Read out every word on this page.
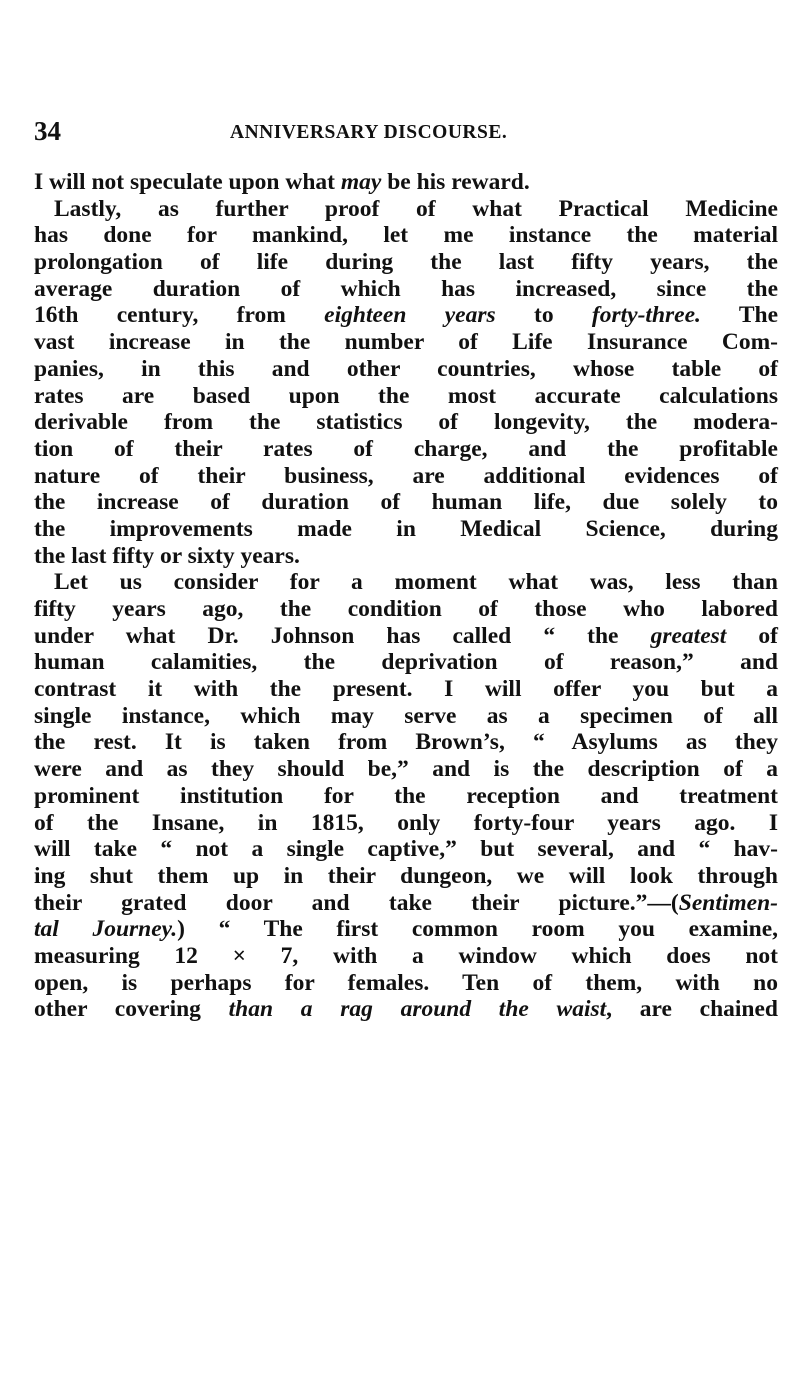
34	ANNIVERSARY DISCOURSE.
I will not speculate upon what may be his reward.
Lastly, as further proof of what Practical Medicine
has done for mankind, let me instance the material
prolongation of life during the last fifty years, the
average duration of which has increased, since the
16th century, from eighteen years to forty-three. The
vast increase in the number of Life Insurance Com-
panies, in this and other countries, whose table of
rates are based upon the most accurate calculations
derivable from the statistics of longevity, the modera-
tion of their rates of charge, and the profitable
nature of their business, are additional evidences of
the increase of duration of human life, due solely to
the improvements made in Medical Science, during
the last fifty or sixty years.
Let us consider for a moment what was, less than
fifty years ago, the condition of those who labored
under what Dr. Johnson has called “ the greatest of
human calamities, the deprivation of reason,” and
contrast it with the present. I will offer you but a
single instance, which may serve as a specimen of all
the rest. It is taken from Brown’s, “ Asylums as they
were and as they should be,” and is the description of a
prominent institution for the reception and treatment
of the Insane, in 1815, only forty-four years ago. I
will take “ not a single captive,” but several, and “ hav-
ing shut them up in their dungeon, we will look through
their grated door and take their picture.”—(Sentimen-
tal Journey.) “ The first common room you examine,
measuring 12 × 7, with a window which does not
open, is perhaps for females. Ten of them, with no
other covering than a rag around the waist, are chained
